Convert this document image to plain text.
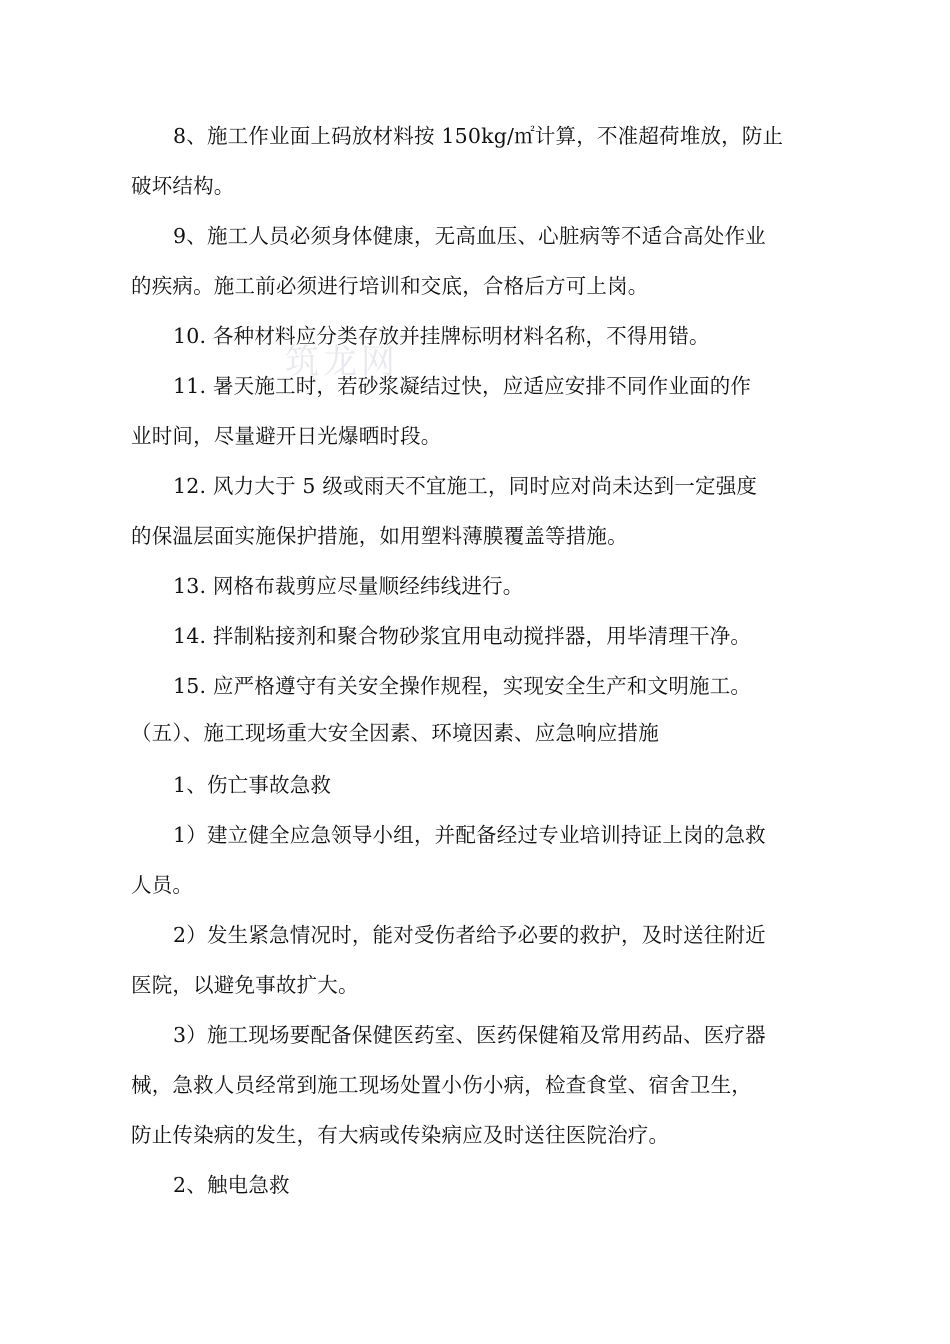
筑龙网
8、施工作业面上码放材料按 150kg/㎡计算，不准超荷堆放，防止
破坏结构。
9、施工人员必须身体健康，无高血压、心脏病等不适合高处作业
的疾病。施工前必须进行培训和交底，合格后方可上岗。
10. 各种材料应分类存放并挂牌标明材料名称，不得用错。
11. 暑天施工时，若砂浆凝结过快，应适应安排不同作业面的作
业时间，尽量避开日光爆晒时段。
12. 风力大于 5 级或雨天不宜施工，同时应对尚未达到一定强度
的保温层面实施保护措施，如用塑料薄膜覆盖等措施。
13. 网格布裁剪应尽量顺经纬线进行。
14. 拌制粘接剂和聚合物砂浆宜用电动搅拌器，用毕清理干净。
15. 应严格遵守有关安全操作规程，实现安全生产和文明施工。
（五）、施工现场重大安全因素、环境因素、应急响应措施
1、伤亡事故急救
1）建立健全应急领导小组，并配备经过专业培训持证上岗的急救
人员。
2）发生紧急情况时，能对受伤者给予必要的救护，及时送往附近
医院，以避免事故扩大。
3）施工现场要配备保健医药室、医药保健箱及常用药品、医疗器
械，急救人员经常到施工现场处置小伤小病，检查食堂、宿舍卫生，
防止传染病的发生，有大病或传染病应及时送往医院治疗。
2、触电急救
